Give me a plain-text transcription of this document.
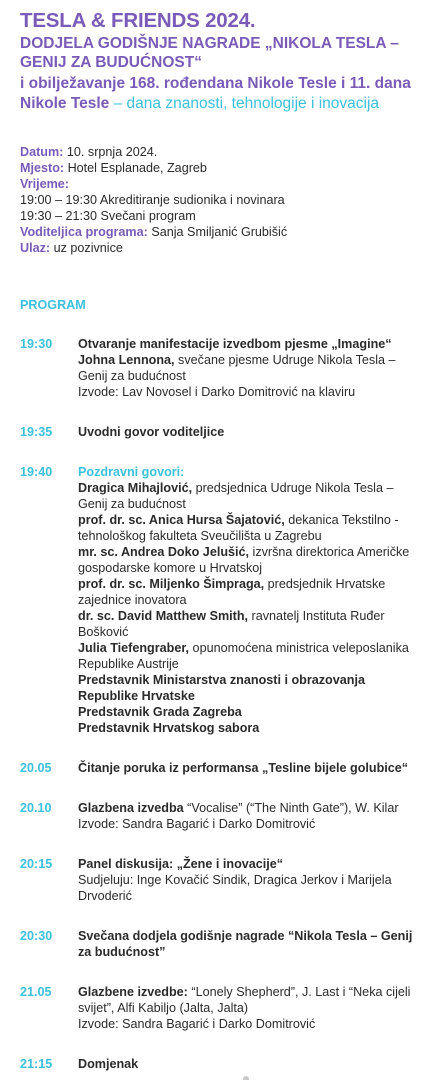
TESLA & FRIENDS 2024.
DODJELA GODIŠNJE NAGRADE „NIKOLA TESLA – GENIJ ZA BUDUĆNOST“
i obilježavanje 168. rođendana Nikole Tesle i 11. dana Nikole Tesle – dana znanosti, tehnologije i inovacija
Datum: 10. srpnja 2024.
Mjesto: Hotel Esplanade, Zagreb
Vrijeme:
19:00 – 19:30 Akreditiranje sudionika i novinara
19:30 – 21:30 Svečani program
Voditeljica programa: Sanja Smiljanić Grubišić
Ulaz: uz pozivnice
PROGRAM
19:30	Otvaranje manifestacije izvedbom pjesme „Imagine“
Johna Lennona, svečane pjesme Udruge Nikola Tesla – Genij za budućnost
Izvode: Lav Novosel i Darko Domitrović na klaviru
19:35	Uvodni govor voditeljice
19:40	Pozdravni govori:
Dragica Mihajlović, predsjednica Udruge Nikola Tesla – Genij za budućnost
prof. dr. sc. Anica Hursa Šajatović, dekanica Tekstilno - tehnološkog fakulteta Sveučilišta u Zagrebu
mr. sc. Andrea Doko Jelušić, izvršna direktorica Američke gospodarske komore u Hrvatskoj
prof. dr. sc. Miljenko Šimpraga, predsjednik Hrvatske zajednice inovatora
dr. sc. David Matthew Smith, ravnatelj Instituta Ruđer Bošković
Julia Tiefengraber, opunomoćena ministrica veleposlanika Republike Austrije
Predstavnik Ministarstva znanosti i obrazovanja Republike Hrvatske
Predstavnik Grada Zagreba
Predstavnik Hrvatskog sabora
20.05	Čitanje poruka iz performansa „Tesline bijele golubice“
20.10	Glazbena izvedba “Vocalise” (“The Ninth Gate”), W. Kilar
Izvode: Sandra Bagarić i Darko Domitrović
20:15	Panel diskusija: „Žene i inovacije“
Sudjeluju: Inge Kovačić Sindik, Dragica Jerkov i Marijela Drvoderić
20:30	Svečana dodjela godišnje nagrade “Nikola Tesla – Genij za budućnost”
21.05	Glazbene izvedbe: “Lonely Shepherd”, J. Last i “Neka cijeli svijet”, Alfi Kabiljo (Jalta, Jalta)
Izvode: Sandra Bagarić i Darko Domitrović
21:15	Domjenak
